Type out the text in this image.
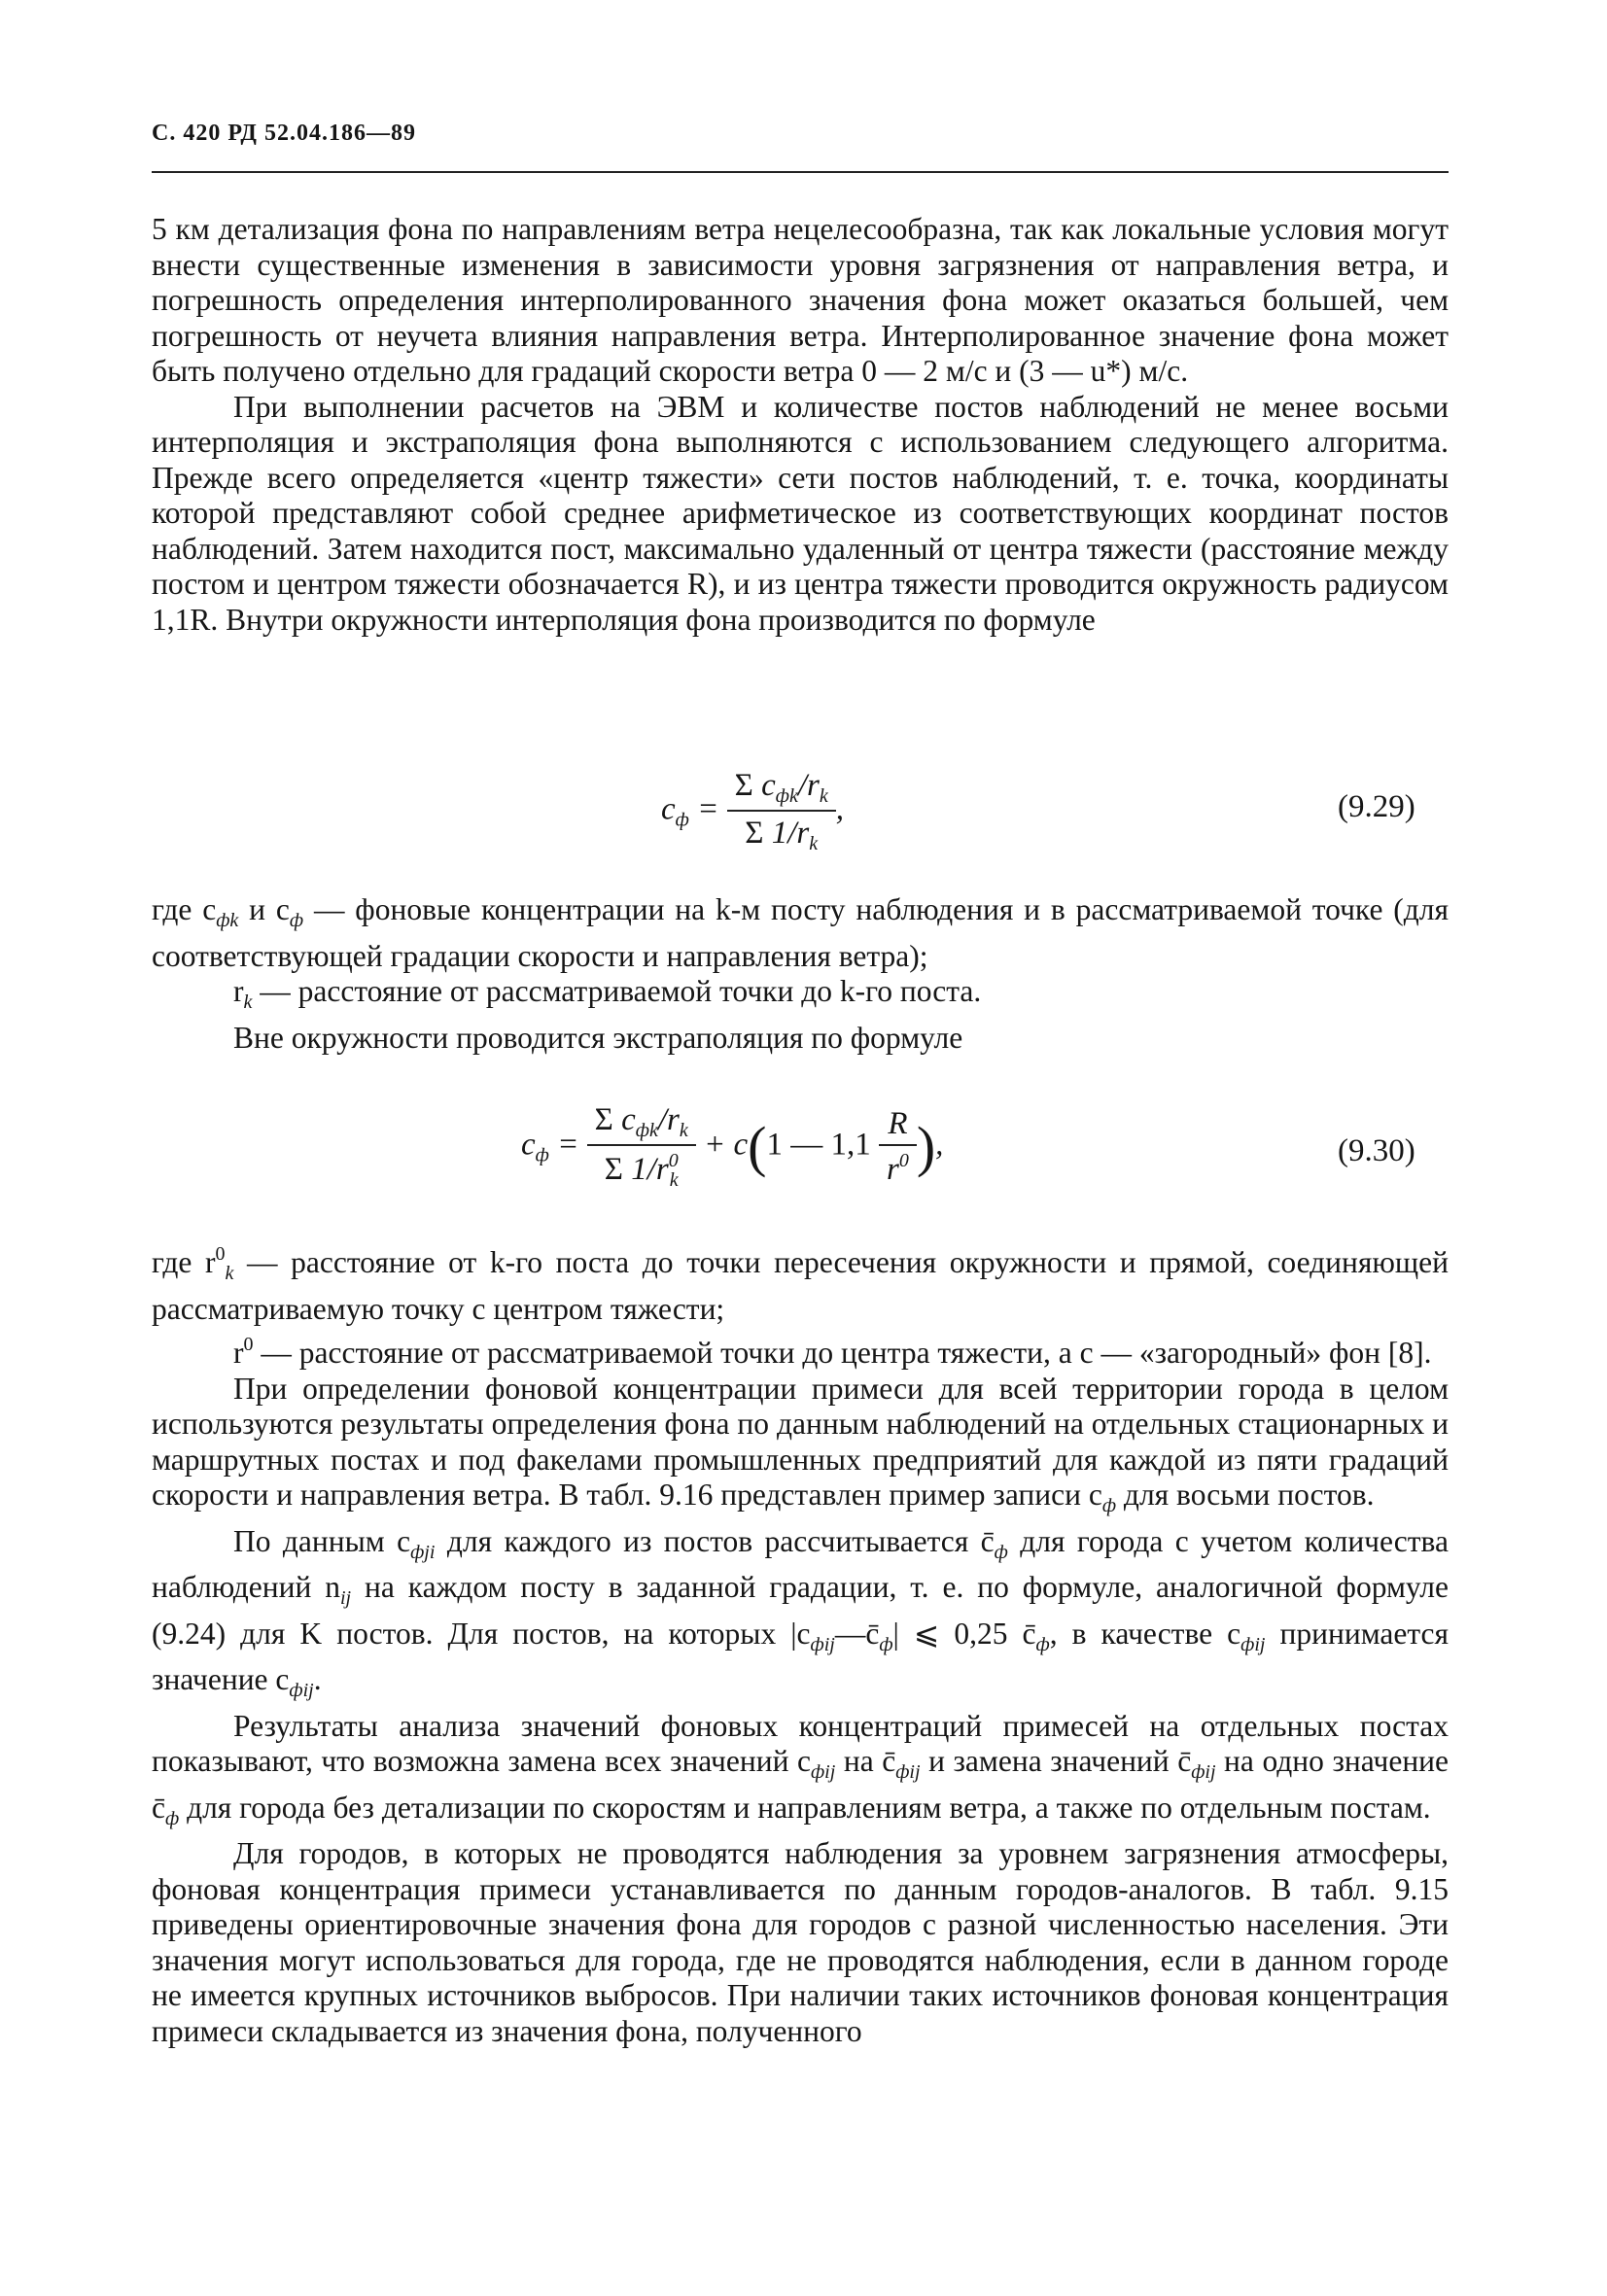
С. 420 РД 52.04.186—89

5 км детализация фона по направлениям ветра нецелесообразна, так как локальные условия могут внести существенные изменения в зависимости уровня загрязнения от направления ветра, и погрешность определения интерполированного значения фона может оказаться большей, чем погрешность от неучета влияния направления ветра. Интерполированное значение фона может быть получено отдельно для градаций скорости ветра 0 — 2 м/с и (3 — u*) м/с.

При выполнении расчетов на ЭВМ и количестве постов наблюдений не менее восьми интерполяция и экстраполяция фона выполняются с использованием следующего алгоритма. Прежде всего определяется «центр тяжести» сети постов наблюдений, т. е. точка, координаты которой представляют собой среднее арифметическое из соответствующих координат постов наблюдений. Затем находится пост, максимально удаленный от центра тяжести (расстояние между постом и центром тяжести обозначается R), и из центра тяжести проводится окружность радиусом 1,1R. Внутри окружности интерполяция фона производится по формуле

$c_ф = \frac{\Sigma c_{фk}/r_k}{\Sigma 1/r_k}$ ,	(9.29)

где $c_{фk}$ и $c_ф$ — фоновые концентрации на k-м посту наблюдения и в рассматриваемой точке (для соответствующей градации скорости и направления ветра);

$r_k$ — расстояние от рассматриваемой точки до k-го поста.

Вне окружности проводится экстраполяция по формуле

$c_ф = \frac{\Sigma c_{фk}/r_k}{\Sigma 1/r^0_k} + c(1$ — $1,1 \frac{R}{r^0}$ ),	(9.30)

где $r^0_k$ — расстояние от k-го поста до точки пересечения окружности и прямой, соединяющей рассматриваемую точку с центром тяжести;

$r^0$ — расстояние от рассматриваемой точки до центра тяжести, а c — «загородный» фон [8].

При определении фоновой концентрации примеси для всей территории города в целом используются результаты определения фона по данным наблюдений на отдельных стационарных и маршрутных постах и под факелами промышленных предприятий для каждой из пяти градаций скорости и направления ветра. В табл. 9.16 представлен пример записи $c_ф$ для восьми постов.

По данным $c_{фji}$ для каждого из постов рассчитывается $c̄_ф$ для города с учетом количества наблюдений $n_{ij}$ на каждом посту в заданной градации, т. е. по формуле, аналогичной формуле (9.24) для K постов. Для постов, на которых $|c_{фij}—c̄_ф|$ ⩽ 0,25 $c̄_ф$, в качестве $c_{фij}$ принимается значение $c_{фij}$.

Результаты анализа значений фоновых концентраций примесей на отдельных постах показывают, что возможна замена всех значений $c_{фij}$ на $c̄_{фij}$ и замена значений $c̄_{фij}$ на одно значение $c̄_ф$ для города без детализации по скоростям и направлениям ветра, а также по отдельным постам.

Для городов, в которых не проводятся наблюдения за уровнем загрязнения атмосферы, фоновая концентрация примеси устанавливается по данным городов-аналогов. В табл. 9.15 приведены ориентировочные значения фона для городов с разной численностью населения. Эти значения могут использоваться для города, где не проводятся наблюдения, если в данном городе не имеется крупных источников выбросов. При наличии таких источников фоновая концентрация примеси складывается из значения фона, полученного
